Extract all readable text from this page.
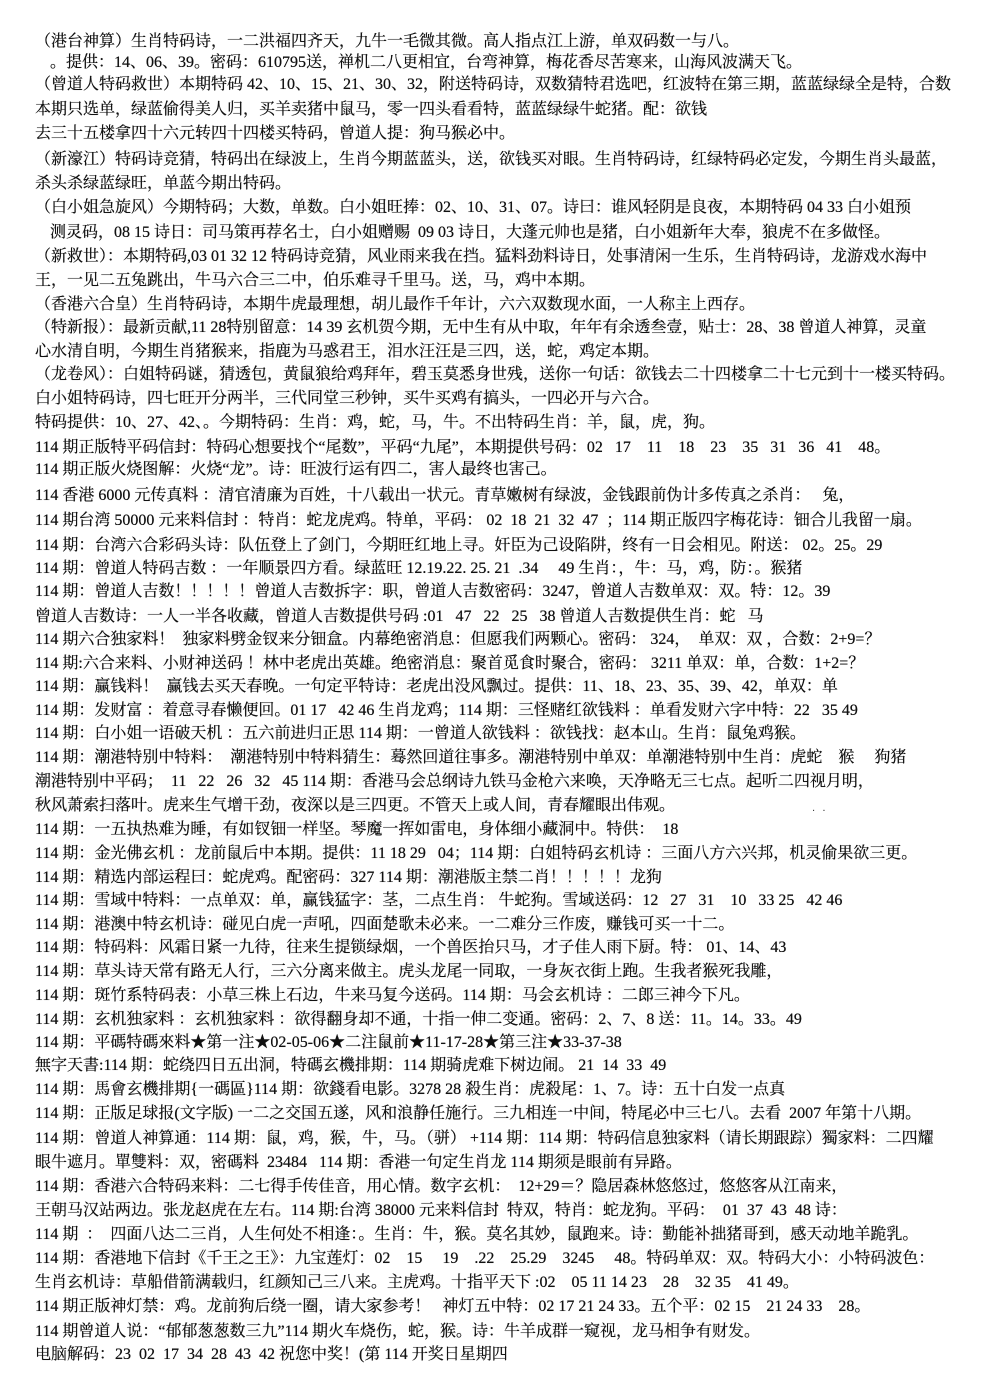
（港台神算）生肖特码诗，一二洪福四齐天，九牛一毛微其微。高人指点江上游，单双码数一与八。
。提供：14、06、39。密码：610795送，禅机二八更相宜，台弯神算，梅花香尽苦寒来，山海风波满天飞。
（曾道人特码救世）本期特码 42、10、15、21、30、32，附送特码诗，双数猜特君选吧，红波特在第三期，蓝蓝绿绿全是特，合数
本期只选单，绿蓝偷得美人归，买羊卖猪中鼠马，零一四头看看特，蓝蓝绿绿牛蛇猪。配：欲钱
去三十五楼拿四十六元转四十四楼买特码，曾道人提：狗马猴必中。
（新濠江）特码诗竞猜，特码出在绿波上，生肖今期蓝蓝头，送，欲钱买对眼。生肖特码诗，红绿特码必定发，今期生肖头最蓝，
杀头杀绿蓝绿旺，单蓝今期出特码。
（白小姐急旋风）今期特码；大数，单数。白小姐旺捧：02、10、31、07。诗曰：谁风轻阴是良夜，本期特码 04 33 白小姐预
测灵码，08 15 诗日：司马策再荐名士，白小姐赠赐  09 03 诗日，大蓬元帅也是猪，白小姐新年大奉，狼虎不在多做怪。
（新救世）：本期特码,03 01 32 12 特码诗竞猜，风业雨来我在挡。猛料劲料诗日，处事清闲一生乐，生肖特码诗，龙游戏水海中
王，一见二五兔跳出，牛马六合三二中，伯乐难寻千里马。送，马，鸡中本期。
（香港六合皇）生肖特码诗，本期牛虎最理想，胡儿最作千年计，六六双数现水面，一人称主上西存。
（特新报）：最新贡献,11 28特别留意：14 39 玄机贺今期，无中生有从中取，年年有余透叁壹，贴士：28、38 曾道人神算，灵童
心水清自明，今期生肖猪猴来，指鹿为马惑君王，泪水汪汪是三四，送，蛇，鸡定本期。
（龙卷风）：白姐特码谜，猜透包，黄鼠狼给鸡拜年，碧玉莫悉身世残，送你一句话：欲钱去二十四楼拿二十七元到十一楼买特码。
白小姐特码诗，四七旺开分两半，三代同堂三秒钟，买牛买鸡有搞头，一四必开与六合。
特码提供：10、27、42、。今期特码：生肖：鸡，蛇，马，牛。不出特码生肖：羊，鼠，虎，狗。
114 期正版特平码信封：特码心想要找个“尾数”，平码“九尾”，本期提供号码：02   17    11    18    23    35   31   36   41    48。
114 期正版火烧图解：火烧“龙”。诗：旺波行运有四二，害人最终也害己。
114 香港 6000 元传真料 ：清官清廉为百姓，十八载出一状元。青草嫩树有绿波，金钱跟前伪计多传真之杀肖：   兔，
114 期台湾 50000 元来料信封 ：特肖：蛇龙虎鸡。特单，平码： 02  18  21  32  47  ；114 期正版四字梅花诗：钿合儿我留一扇。
114 期：台湾六合彩码头诗：队伍登上了剑门，今期旺红地上寻。奸臣为己设陷阱，终有一日会相见。附送： 02。25。29
114 期：曾道人特码吉数 ：一年顺景四方看。绿蓝旺 12.19.22. 25. 21  .34     49 生肖：，牛：马，鸡，防：。猴猪
114 期：曾道人吉数！！！！！曾道人吉数拆字：职，曾道人吉数密码：3247，曾道人吉数单双：双。特：12。39
曾道人吉数诗：一人一半各收藏，曾道人吉数提供号码 :01   47   22   25   38 曾道人吉数提供生肖：蛇   马
114 期六合独家料！  独家料劈金钗来分钿盒。内幕绝密消息：但愿我们两颗心。密码： 324，  单双：双 ，合数：2+9=？
114 期:六合来料、小财神送码 ！林中老虎出英雄。绝密消息：聚首觅食时聚合，密码： 3211 单双：单，合数：1+2=？
114 期：赢钱料！  赢钱去买天春晚。一句定平特诗：老虎出没风飘过。提供：11、18、23、35、39、42，单双：单
114 期：发财富 ：着意寻春懒便回。01 17   42 46 生肖龙鸡；114 期：三怪赌红欲钱料 ：单看发财六字中特：22   35 49
114 期：白小姐一语破天机 ：五六前进归正思 114 期：一曾道人欲钱料 ：欲钱找：赵本山。生肖：鼠兔鸡猴。
114 期：潮港特别中特料：  潮港特别中特料猜生：蓦然回道往事多。潮港特别中单双：单潮港特别中生肖：虎蛇    猴     狗猪
潮港特别中平码；  11   22   26   32   45 114 期：香港马会总纲诗九铁马金枪六来唤，天净略无三七点。起听二四视月明，
秋风萧索扫落叶。虎来生气增干劲，夜深以是三四更。不管天上或人间，青春耀眼出伟观。	· ·
114 期：一五执热难为睡，有如钗钿一样坚。琴魔一挥如雷电，身体细小藏洞中。特供：  18
114 期：金光佛玄机 ：龙前鼠后中本期。提供：11 18 29   04；114 期：白姐特码玄机诗 ：三面八方六兴邦，机灵偷果欲三更。
114 期：精选内部运程曰：蛇虎鸡。配密码：327 114 期：潮港版主禁二肖！！！！！龙狗
114 期：雪域中特料：一点单双：单，赢钱猛字：茎，二点生肖： 牛蛇狗。雪域送码：12   27   31    10   33 25   42 46
114 期：港澳中特玄机诗：碰见白虎一声吼，四面楚歌未必来。一二难分三作废，赚钱可买一十二。
114 期：特码料：风霜日紧一九待，往来生提锁绿烟，一个兽医抬只马，才子佳人雨下厨。特： 01、14、43
114 期：草头诗天常有路无人行，三六分离来做主。虎头龙尾一同取，一身灰衣街上跑。生我者猴死我雕，
114 期：斑竹系特码表：小草三株上石边，牛来马复今送码。114 期：马会玄机诗 ：二郎三神今下凡。
114 期：玄机独家料 ：玄机独家料 ：欲得翻身却不通，十指一伸二变通。密码：2、7、8 送：11。14。33。49
114 期：平碼特碼來料★第一注★02-05-06★二注鼠前★11-17-28★第三注★33-37-38
無字天書:114 期：蛇绕四日五出洞，特碼玄機排期：114 期骑虎难下树边闹。 21  14  33  49
114 期：馬會玄機排期{一碼區}114 期：欲錢看电影。3278 28 殺生肖：虎殺尾：1、7。诗：五十白发一点真
114 期：正版足球报(文字版) 一二之交国五遂，风和浪静任施行。三九相连一中间，特尾必中三七八。去看  2007 年第十八期。
114 期：曾道人神算通：114 期：鼠，鸡，猴，牛，马。（骈） +114 期：114 期：特码信息独家料（请长期跟踪）獨家料：二四耀
眼牛遮月。單雙料：双，密碼料  23484   114 期：香港一句定生肖龙 114 期须是眼前有异路。
114 期：香港六合特码来料：二七得手传佳音，用心情。数字玄机：  12+29＝？隐居森林悠悠过，悠悠客从江南来，
王朝马汉站两边。张龙赵虎在左右。114 期:台湾 38000 元来料信封  特双，特肖：蛇龙狗。平码：  01  37  43  48 诗：
114 期  ：  四面八达二三肖，人生何处不相逢：。生肖：牛，猴。莫名其妙，鼠跑来。诗：勤能补拙猪哥到，感天动地羊跪乳。
114 期：香港地下信封《千王之王》：九宝莲灯：02    15     19    .22    25.29    3245     48。特码单双：双。特码大小：小特码波色：
生肖玄机诗：草船借箭满载归，红颜知己三八来。主虎鸡。十指平天下 :02    05 11 14 23    28    32 35    41 49。
114 期正版神灯禁：鸡。龙前狗后绕一圈，请大家参考！   神灯五中特：02 17 21 24 33。五个平：02 15    21 24 33    28。
114 期曾道人说：“郁郁葱葱数三九”114 期火车烧伤，蛇，猴。诗：牛羊成群一窥视，龙马相争有财发。
电脑解码：23  02  17  34  28  43  42 祝您中奖！(第 114 开奖日星期四
